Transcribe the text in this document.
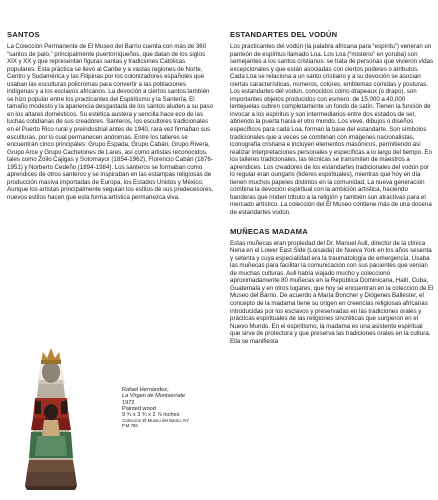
SANTOS

La Colección Permanente de El Museo del Barrio cuenta con más de 360 “santos de palo,” principalmente puertorriqueños, que datan de los siglos XIX y XX y que representan figuras santas y tradiciones Católicas populares. Esta práctica se llevó al Caribe y a vastas regiones de Norte, Centro y Sudamérica y las Filipinas por los colonizadores españoles que usaban las esculturas policromas para convertir a las poblaciones indígenas y a los esclavos africanos. La devoción a ciertos santos también se hizo popular entre los practicantes del Espiritismo y la Santería. El tamaño modesto y la apariencia desgastada de los santos aluden a su paso en los altares domésticos. Su estética austera y sencilla hace eco de las luchas cotidianas de sus creadores. Santeros, los escultores tradicionales en el Puerto Rico rural y preindustrial antes de 1940, rara vez firmaban sus esculturas, por lo cual permanecen anónimas. Entre los talleres se encuentran cinco principales: Grupo Espada, Grupo Cabán, Grupo Rivera, Grupo Arce y Grupo Cachetones de Lares, así como artistas reconocidos, tales como Zoilo Cajigas y Sotomayor (1854-1962), Florencio Cabán (1876-1951) y Norberto Cedeño (1894-1984). Los santeros se formaban como aprendices de otros santeros y se inspiraban en las estampas religiosas de producción masiva importadas de Europa, los Estados Unidos y México. Aunque los artistas principalmente seguían los estilos de sus predecesores, nuevos estilos hacen que esta forma artística permanezca viva.

Rafael Hernández,
La Virgen de Montserrate
1972
Painted wood
9 ¾ x 3 ¾ x 2 ⅞ inches
Colección El Museo del Barrio, NY
P.M.786
ESTANDARTES DEL VODÚN

Los practicantes del vodún (la palabra africana para “espíritu”) veneran un panteón de espíritus llamado Loa. Los Loa (“misterio” en yoruba) son semejantes a los santos cristianos: se trata de personas que vivieron vidas excepcionales y que están asociadas con ciertos poderes o atributos. Cada Loa se relaciona a un santo cristiano y a su devoción se asocian ciertas características, números, colores, emblemas comidas y posturas. Los estandartes del vodún, conocidos como drapeaux (o drapo), son importantes objetos producidos con esmero: de 15,000 a 40,000 lentejuelas cubren completamente un fondo de satín. Tienen la función de invocar a los espíritus y son intermediarios entre dos estados de ser, abriendo la puerta hacia el otro mundo. Los vevé, dibujos o diseños específicos para cada Loa, forman la base del estandarte. Son símbolos tradicionales que a veces se combinan con imágenes nacionalistas, iconografía cristiana e incluyen elementos masónicos, permitiendo así realizar interpretaciones personales y específicas a lo largo del tiempo. En los talleres tradicionales, las técnicas se transmiten de maestros a aprendices. Los creadores de los estandartes tradicionales del vodún por lo regular eran oungans (líderes espirituales), mientras que hoy en día tienen muchos papeles distintos en la comunidad. La nueva generación combina la devoción espiritual con la ambición artística, haciendo banderas que rinden tributo a la religión y también son atractivas para el mercado artístico. La colección del El Museo contiene más de una docena de estandartes vodún.

MUÑECAS MADAMA

Estas muñecas eran propiedad del Dr. Manuel Aull, director de la clínica Nena en el Lower East Side (Loisaida) de Nueva York en los años sesenta y setenta y cuya especialidad era la traumatología de emergencia. Usaba las muñecas para facilitar la comunicación con sus pacientes que venían de muchas culturas. Aull había viajado mucho y coleccionó aproximadamente 80 muñecas en la República Dominicana, Haití, Cuba, Guatemala y en otros lugares, que hoy se encuentran en la colección de El Museo del Barrio. De acuerdo a María Boncher y Diógenes Ballester, el concepto de la madama tiene su origen en creencias religiosas africanas introducidas por los esclavos y preservadas en las tradiciones orales y prácticas espirituales de las religiones sincréticas que surgieron en el Nuevo Mundo. En el espiritismo, la madama es una asistente espiritual que sirve de protectora y que preserva las tradiciones orales en la cultura. Ella se manifiesta
